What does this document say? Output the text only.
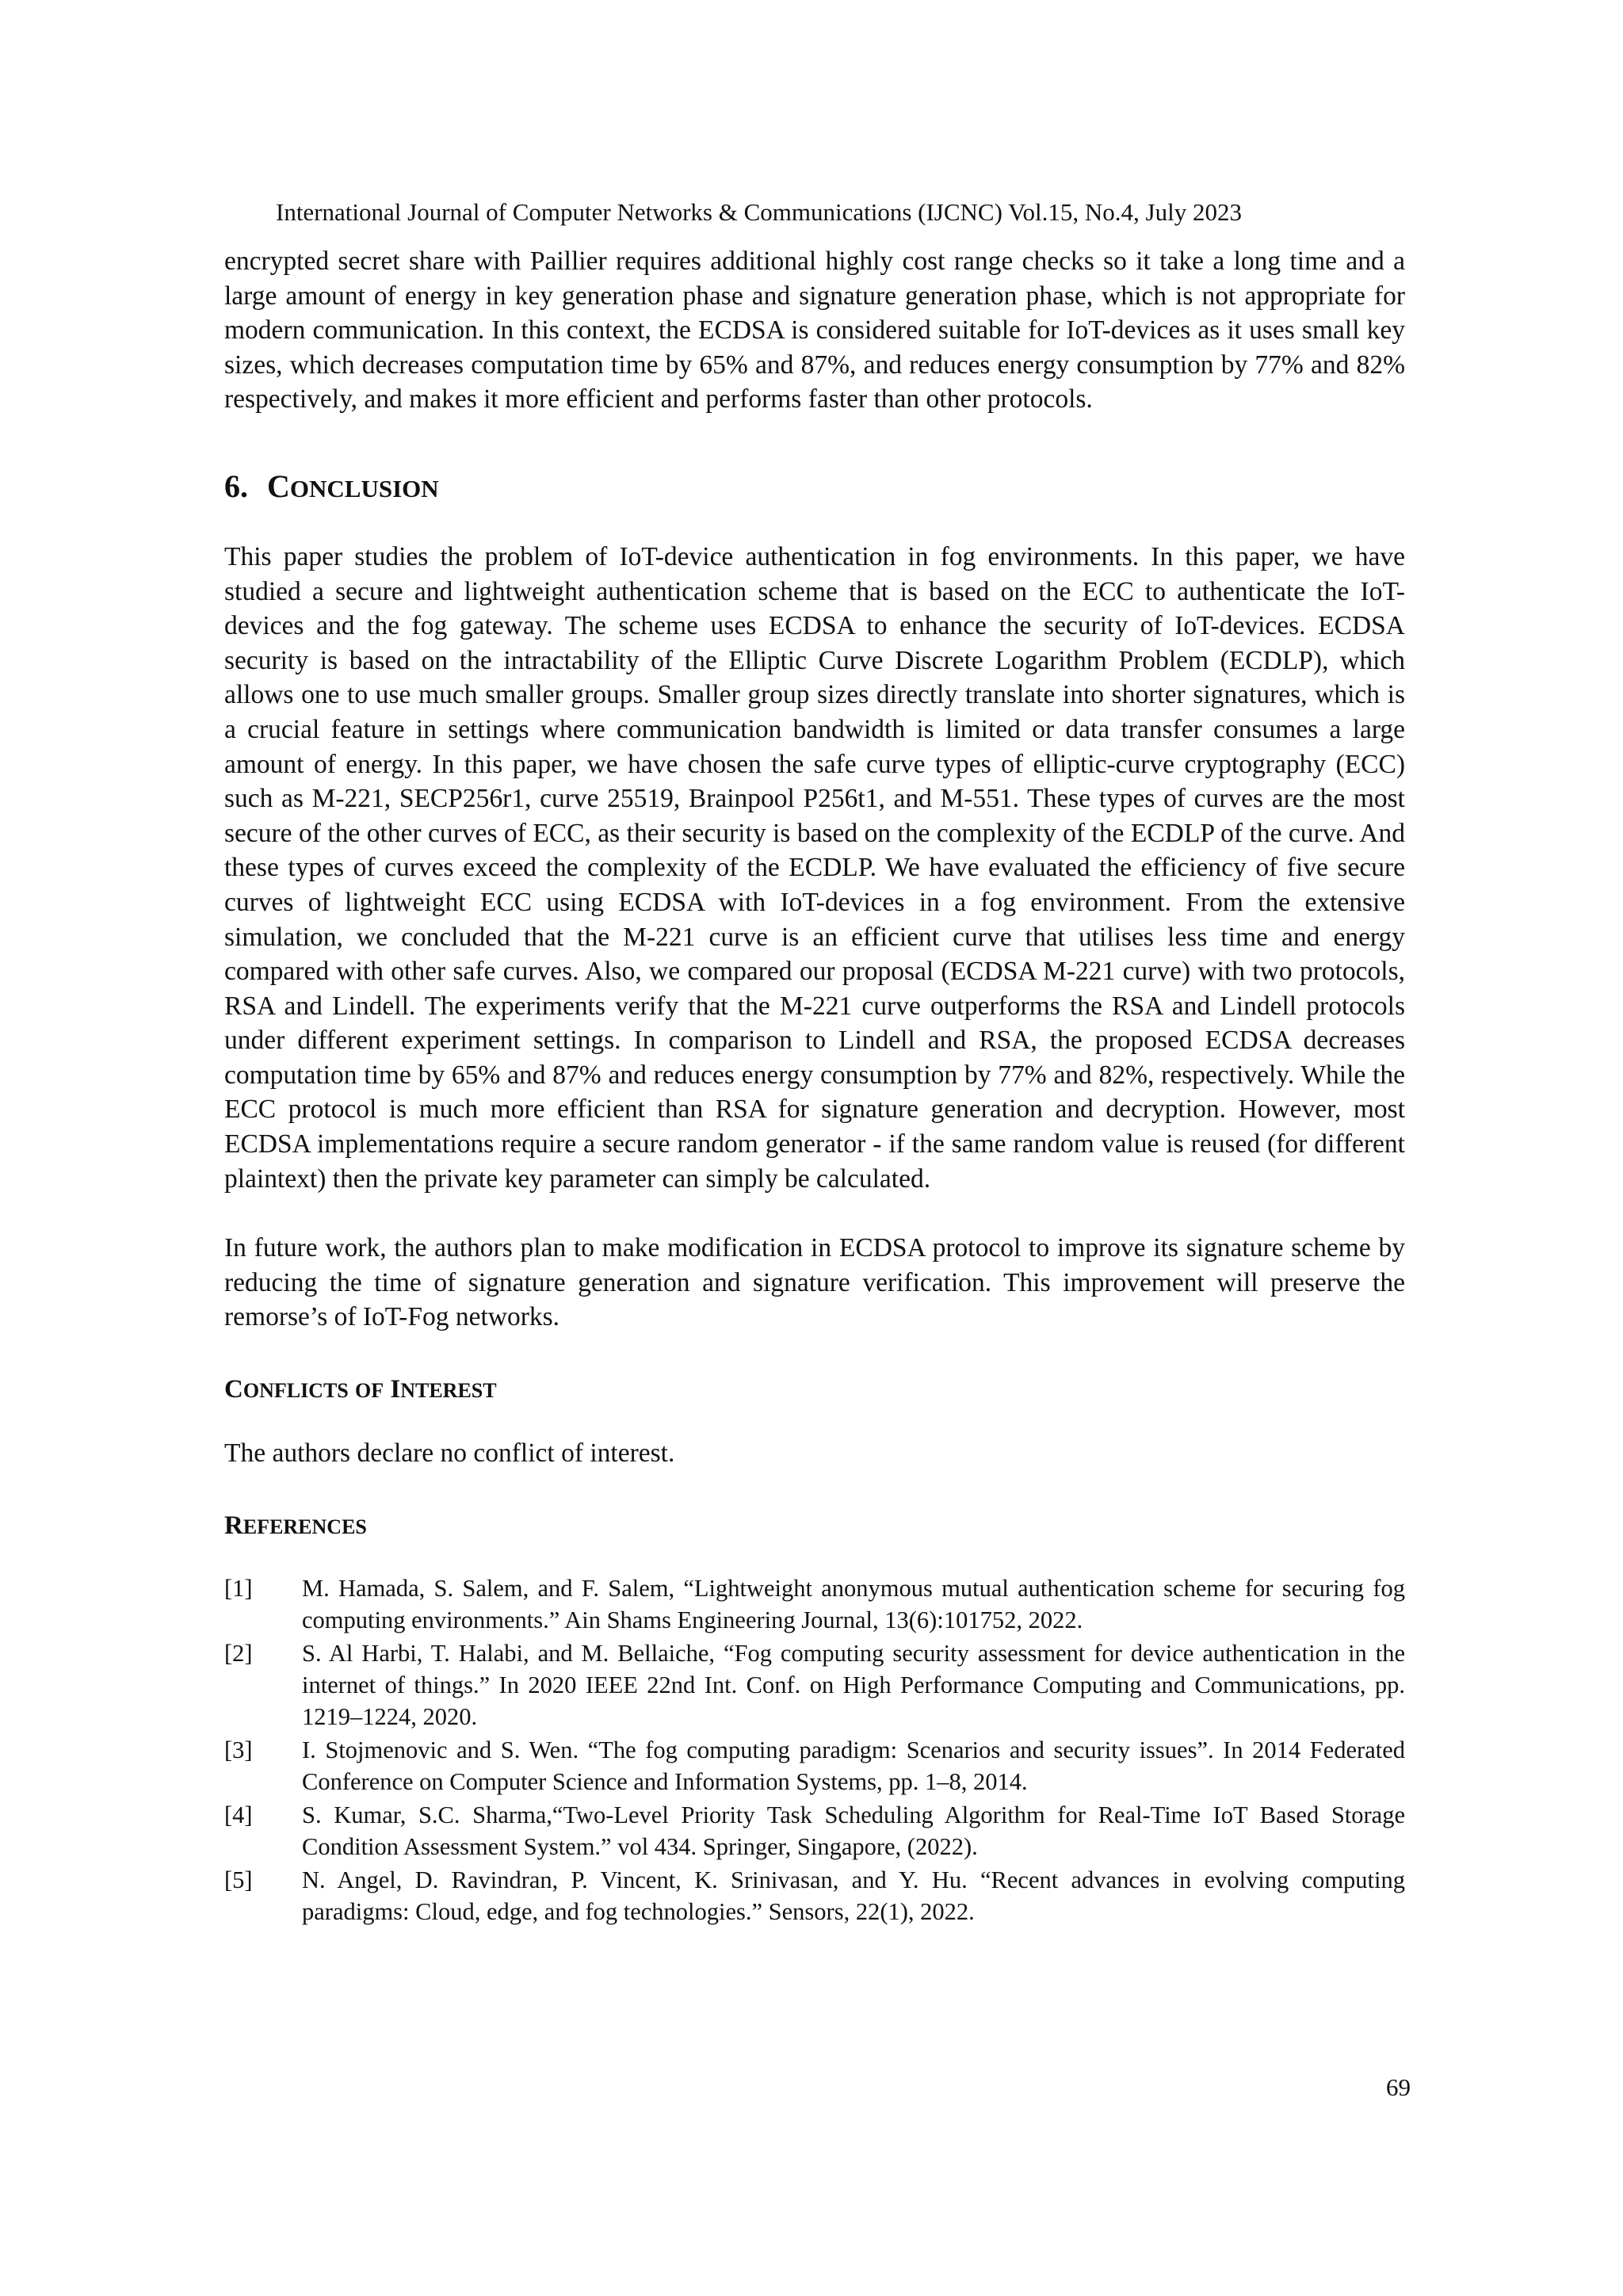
International Journal of Computer Networks & Communications (IJCNC) Vol.15, No.4, July 2023

encrypted secret share with Paillier requires additional highly cost range checks so it take a long time and a large amount of energy in key generation phase and signature generation phase, which is not appropriate for modern communication. In this context, the ECDSA is considered suitable for IoT-devices as it uses small key sizes, which decreases computation time by 65% and 87%, and reduces energy consumption by 77% and 82% respectively, and makes it more efficient and performs faster than other protocols.

6. CONCLUSION

This paper studies the problem of IoT-device authentication in fog environments. In this paper, we have studied a secure and lightweight authentication scheme that is based on the ECC to authenticate the IoT-devices and the fog gateway. The scheme uses ECDSA to enhance the security of IoT-devices. ECDSA security is based on the intractability of the Elliptic Curve Discrete Logarithm Problem (ECDLP), which allows one to use much smaller groups. Smaller group sizes directly translate into shorter signatures, which is a crucial feature in settings where communication bandwidth is limited or data transfer consumes a large amount of energy. In this paper, we have chosen the safe curve types of elliptic-curve cryptography (ECC) such as M-221, SECP256r1, curve 25519, Brainpool P256t1, and M-551. These types of curves are the most secure of the other curves of ECC, as their security is based on the complexity of the ECDLP of the curve. And these types of curves exceed the complexity of the ECDLP. We have evaluated the efficiency of five secure curves of lightweight ECC using ECDSA with IoT-devices in a fog environment. From the extensive simulation, we concluded that the M-221 curve is an efficient curve that utilises less time and energy compared with other safe curves. Also, we compared our proposal (ECDSA M-221 curve) with two protocols, RSA and Lindell. The experiments verify that the M-221 curve outperforms the RSA and Lindell protocols under different experiment settings. In comparison to Lindell and RSA, the proposed ECDSA decreases computation time by 65% and 87% and reduces energy consumption by 77% and 82%, respectively. While the ECC protocol is much more efficient than RSA for signature generation and decryption. However, most ECDSA implementations require a secure random generator - if the same random value is reused (for different plaintext) then the private key parameter can simply be calculated.

In future work, the authors plan to make modification in ECDSA protocol to improve its signature scheme by reducing the time of signature generation and signature verification. This improvement will preserve the remorse’s of IoT-Fog networks.

CONFLICTS OF INTEREST

The authors declare no conflict of interest.

REFERENCES
[1]	M. Hamada, S. Salem, and F. Salem, “Lightweight anonymous mutual authentication scheme for securing fog computing environments.” Ain Shams Engineering Journal, 13(6):101752, 2022.
[2]	S. Al Harbi, T. Halabi, and M. Bellaiche, “Fog computing security assessment for device authentication in the internet of things.” In 2020 IEEE 22nd Int. Conf. on High Performance Computing and Communications, pp. 1219–1224, 2020.
[3]	I. Stojmenovic and S. Wen. “The fog computing paradigm: Scenarios and security issues”. In 2014 Federated Conference on Computer Science and Information Systems, pp. 1–8, 2014.
[4]	S. Kumar, S.C. Sharma,“Two-Level Priority Task Scheduling Algorithm for Real-Time IoT Based Storage Condition Assessment System.” vol 434. Springer, Singapore, (2022).
[5]	N. Angel, D. Ravindran, P. Vincent, K. Srinivasan, and Y. Hu. “Recent advances in evolving computing paradigms: Cloud, edge, and fog technologies.” Sensors, 22(1), 2022.
69
